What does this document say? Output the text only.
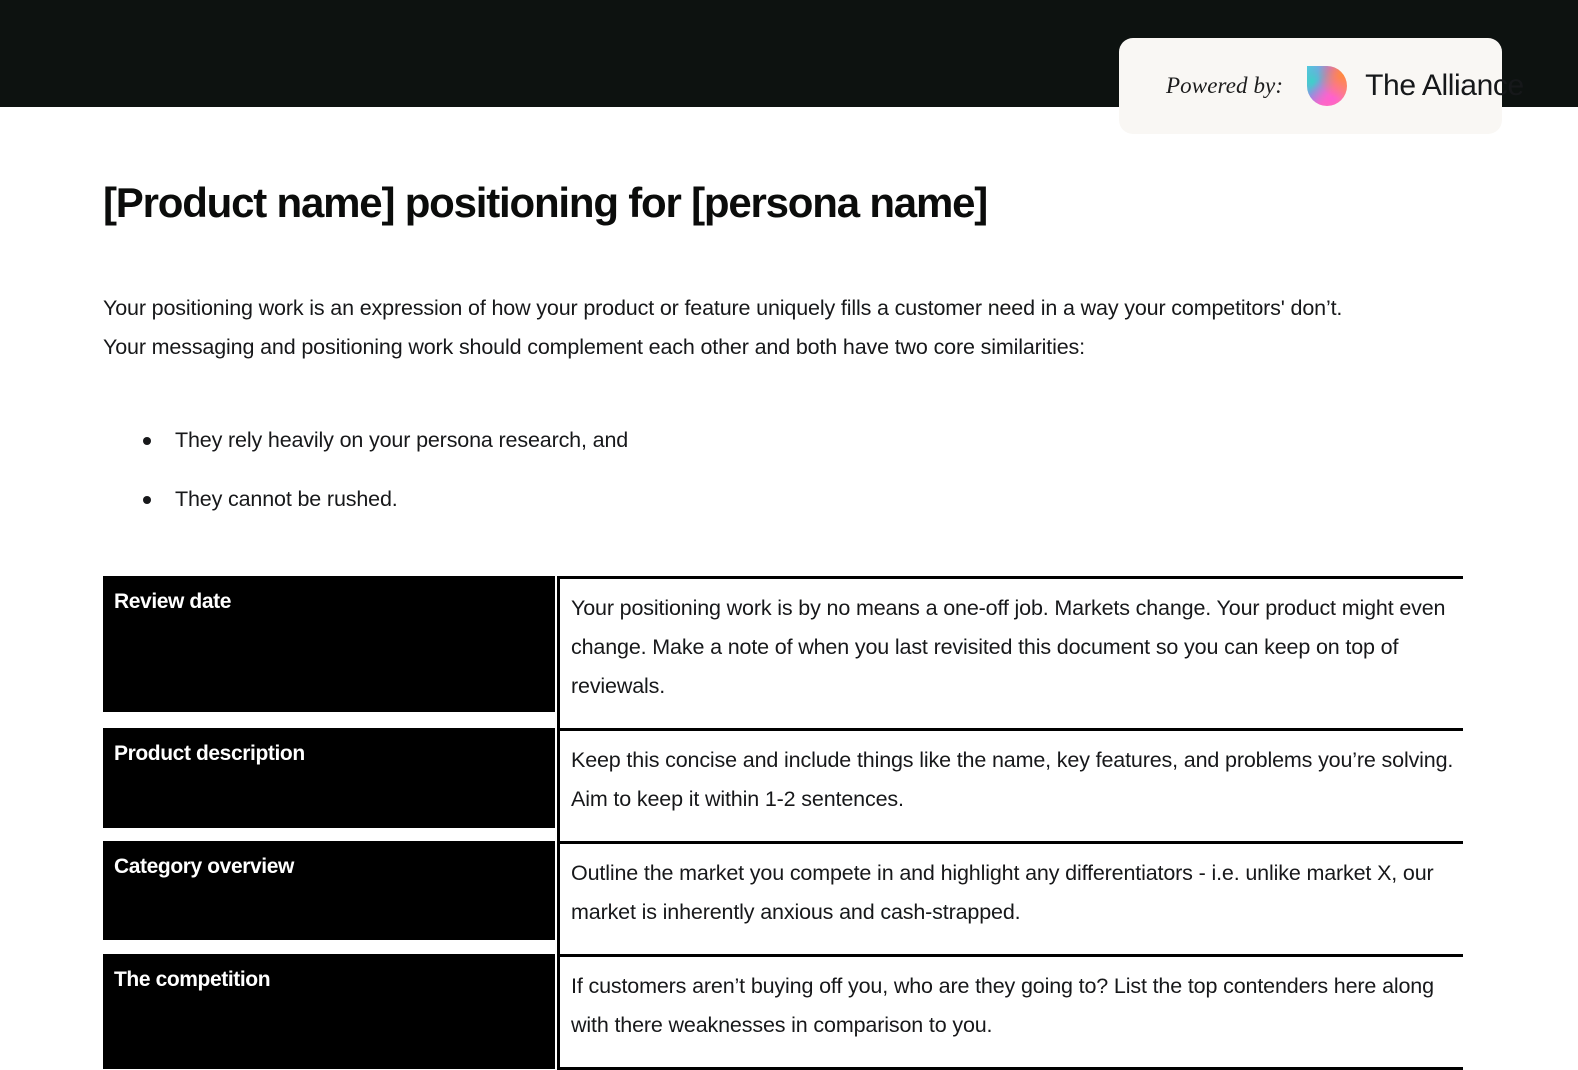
Powered by:	The Alliance
[Product name] positioning for [persona name]
Your positioning work is an expression of how your product or feature uniquely fills a customer need in a way your competitors' don’t. Your messaging and positioning work should complement each other and both have two core similarities:
They rely heavily on your persona research, and
They cannot be rushed.
Review date	Your positioning work is by no means a one-off job. Markets change. Your product might even change. Make a note of when you last revisited this document so you can keep on top of reviewals.
Product description	Keep this concise and include things like the name, key features, and problems you’re solving. Aim to keep it within 1-2 sentences.
Category overview	Outline the market you compete in and highlight any differentiators - i.e. unlike market X, our market is inherently anxious and cash-strapped.
The competition	If customers aren’t buying off you, who are they going to? List the top contenders here along with there weaknesses in comparison to you.
